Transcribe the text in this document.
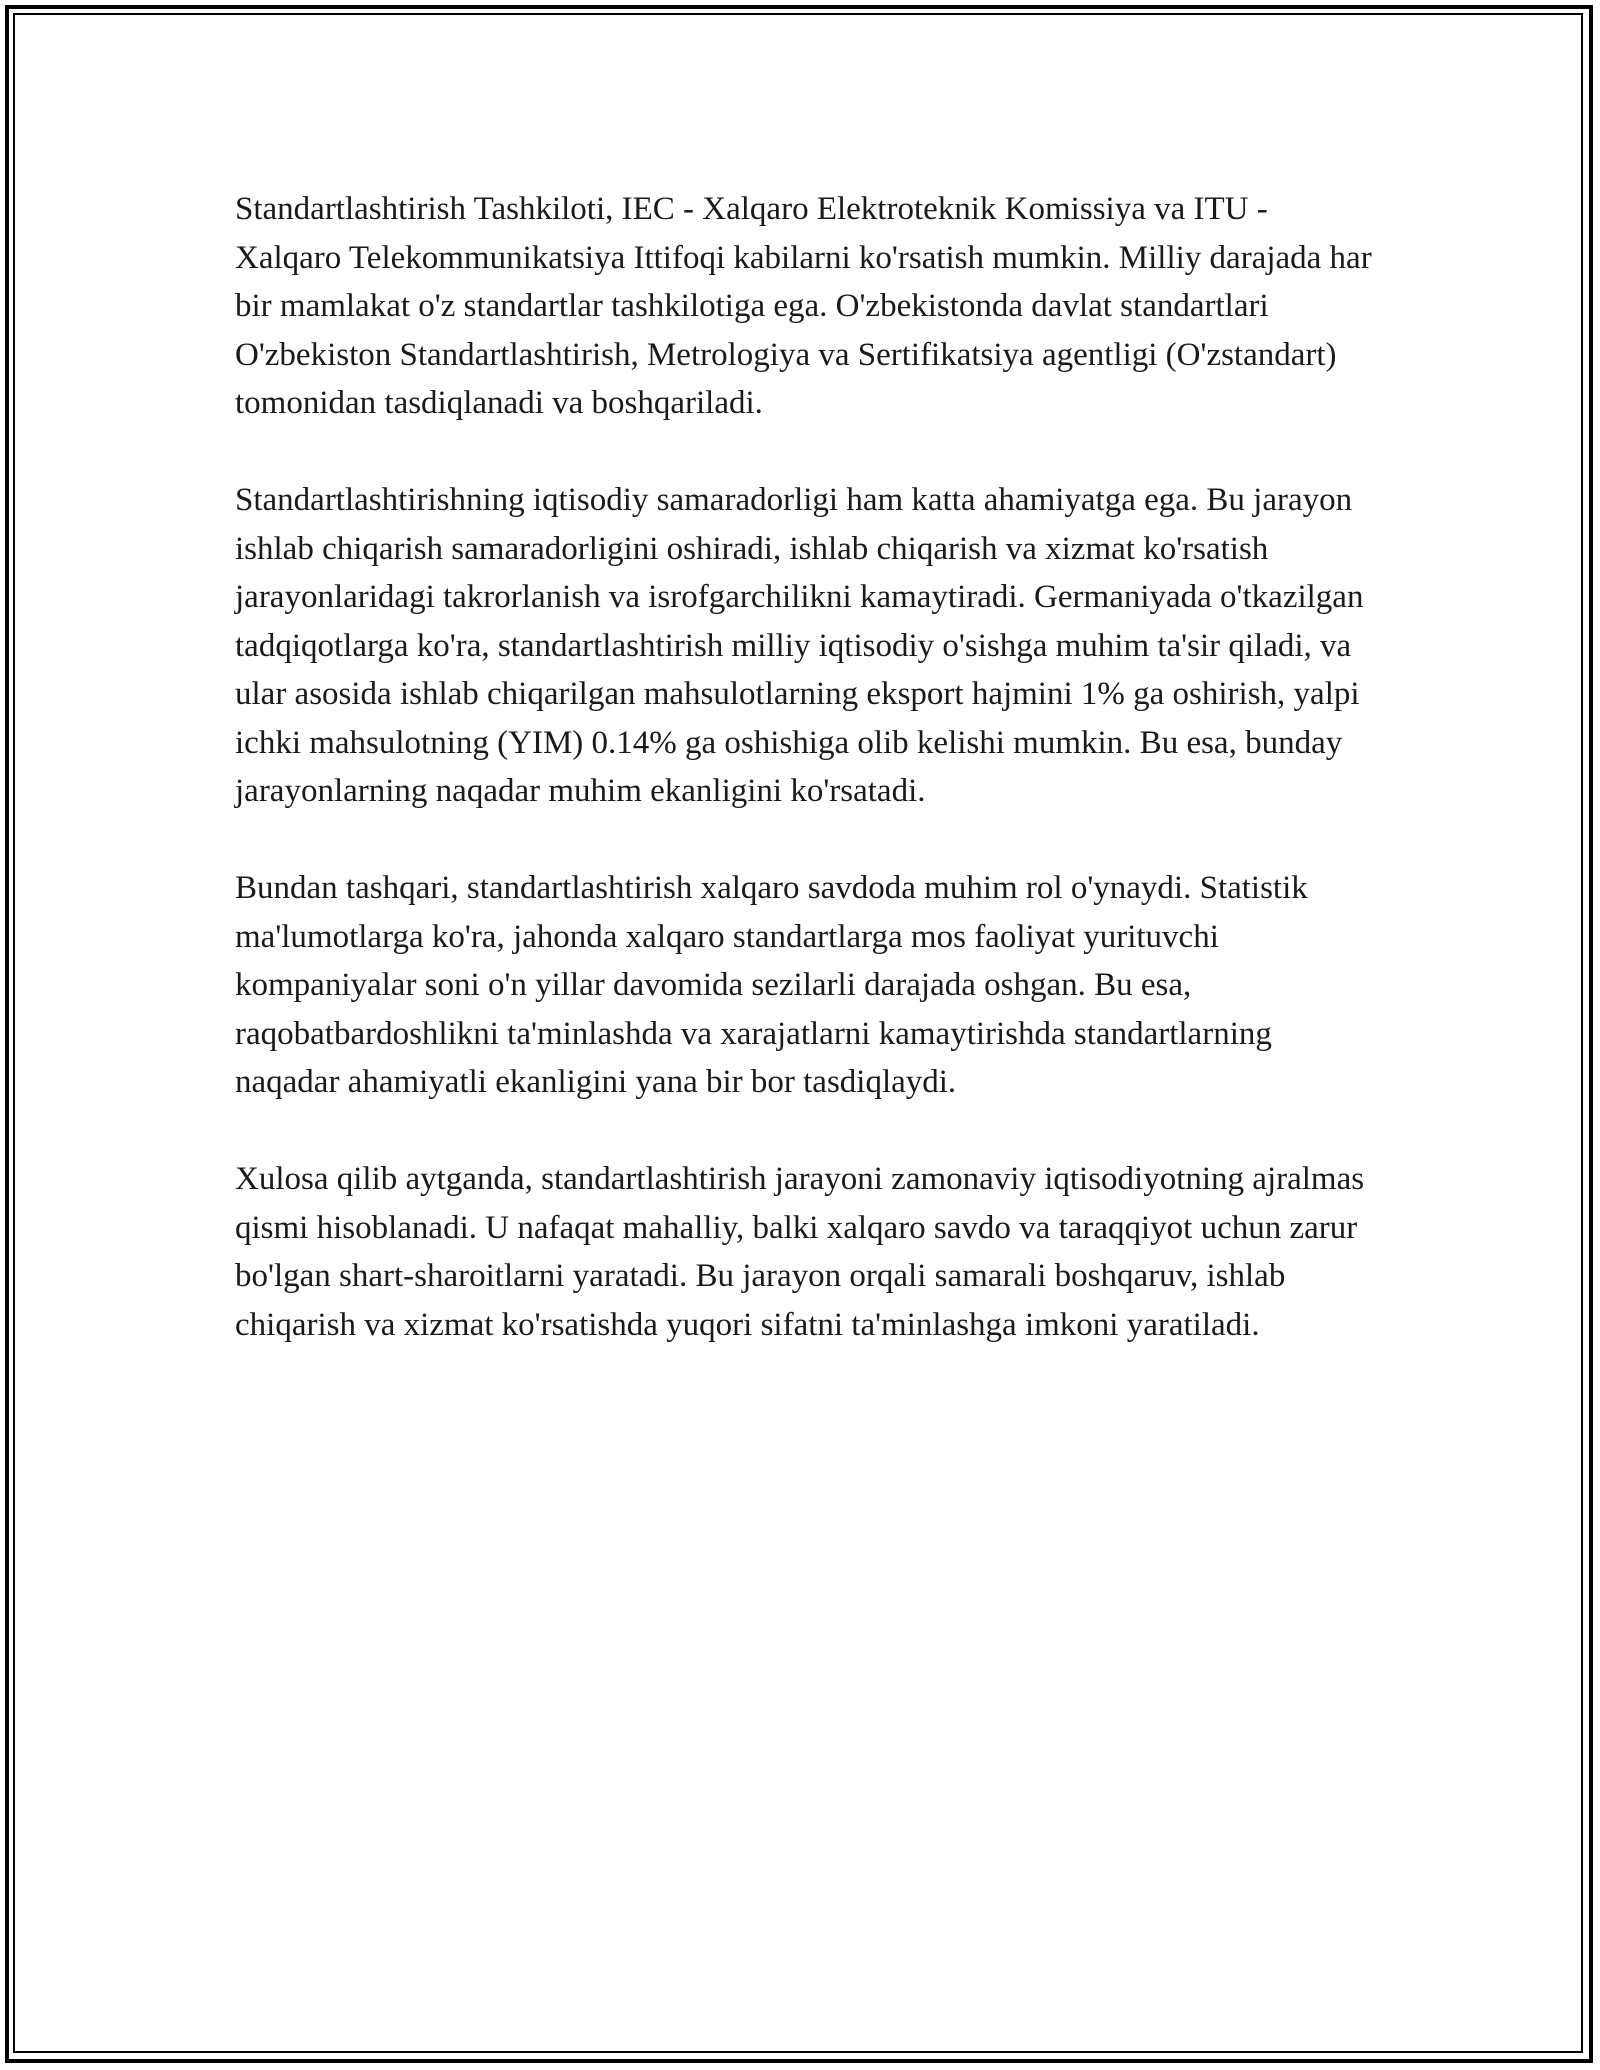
Standartlashtirish Tashkiloti, IEC - Xalqaro Elektroteknik Komissiya va ITU - Xalqaro Telekommunikatsiya Ittifoqi kabilarni ko'rsatish mumkin. Milliy darajada har bir mamlakat o'z standartlar tashkilotiga ega. O'zbekistonda davlat standartlari O'zbekiston Standartlashtirish, Metrologiya va Sertifikatsiya agentligi (O'zstandart) tomonidan tasdiqlanadi va boshqariladi.

Standartlashtirishning iqtisodiy samaradorligi ham katta ahamiyatga ega. Bu jarayon ishlab chiqarish samaradorligini oshiradi, ishlab chiqarish va xizmat ko'rsatish jarayonlaridagi takrorlanish va isrofgarchilikni kamaytiradi. Germaniyada o'tkazilgan tadqiqotlarga ko'ra, standartlashtirish milliy iqtisodiy o'sishga muhim ta'sir qiladi, va ular asosida ishlab chiqarilgan mahsulotlarning eksport hajmini 1% ga oshirish, yalpi ichki mahsulotning (YIM) 0.14% ga oshishiga olib kelishi mumkin. Bu esa, bunday jarayonlarning naqadar muhim ekanligini ko'rsatadi.

Bundan tashqari, standartlashtirish xalqaro savdoda muhim rol o'ynaydi. Statistik ma'lumotlarga ko'ra, jahonda xalqaro standartlarga mos faoliyat yurituvchi kompaniyalar soni o'n yillar davomida sezilarli darajada oshgan. Bu esa, raqobatbardoshlikni ta'minlashda va xarajatlarni kamaytirishda standartlarning naqadar ahamiyatli ekanligini yana bir bor tasdiqlaydi.

Xulosa qilib aytganda, standartlashtirish jarayoni zamonaviy iqtisodiyotning ajralmas qismi hisoblanadi. U nafaqat mahalliy, balki xalqaro savdo va taraqqiyot uchun zarur bo'lgan shart-sharoitlarni yaratadi. Bu jarayon orqali samarali boshqaruv, ishlab chiqarish va xizmat ko'rsatishda yuqori sifatni ta'minlashga imkoni yaratiladi.
